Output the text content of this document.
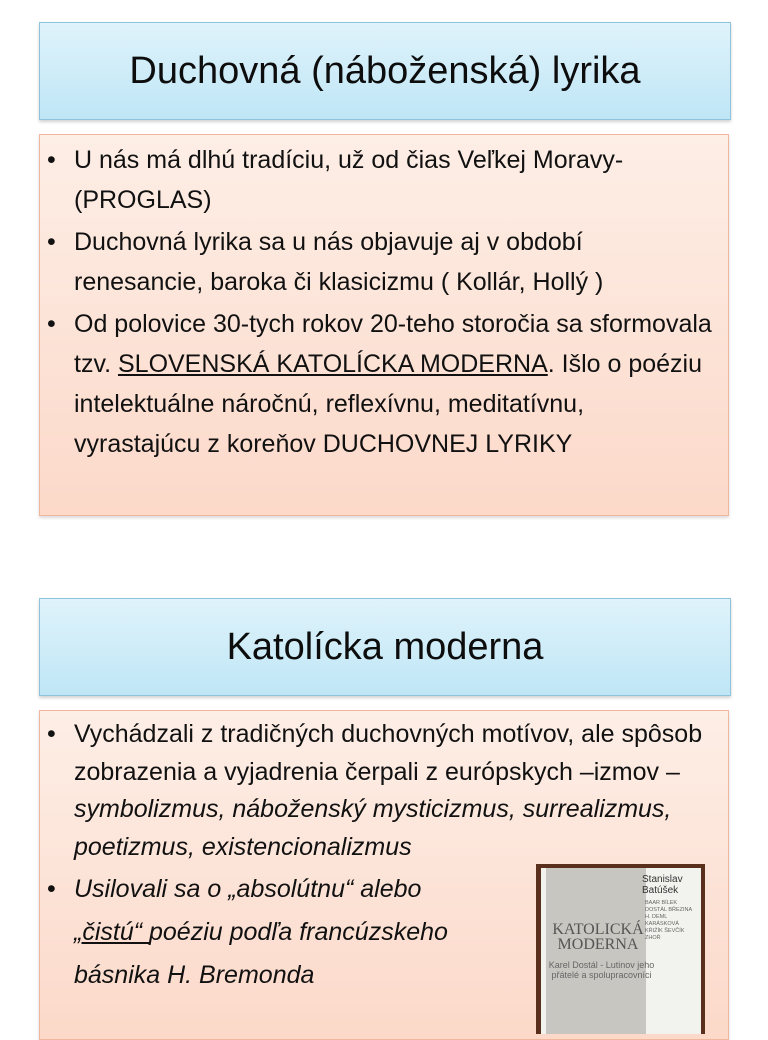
Duchovná (náboženská) lyrika
• U nás má dlhú tradíciu, už od čias Veľkej Moravy- (PROGLAS)
• Duchovná lyrika sa u nás objavuje aj v období renesancie, baroka či klasicizmu ( Kollár, Hollý )
• Od polovice 30-tych rokov 20-teho storočia sa sformovala tzv. SLOVENSKÁ KATOLÍCKA MODERNA. Išlo o poéziu intelektuálne náročnú, reflexívnu, meditatívnu, vyrastajúcu z koreňov DUCHOVNEJ LYRIKY
Katolícka moderna
• Vychádzali z tradičných duchovných motívov, ale spôsob zobrazenia a vyjadrenia čerpali z európskych –izmov – symbolizmus, náboženský mysticizmus, surrealizmus, poetizmus, existencionalizmus
• Usilovali sa o „absolútnu“ alebo „čistú“ poéziu podľa francúzskeho básnika H. Bremonda
Stanislav Batúšek
BAAR BÍLEK DOSTÁL BŘEZINA H. DEML KARÁSKOVÁ KŘIŽÍK ŠEVČÍK ZHOŘ
KATOLICKÁ MODERNA
Karel Dostál - Lutinov jeho přátelé a spolupracovníci
